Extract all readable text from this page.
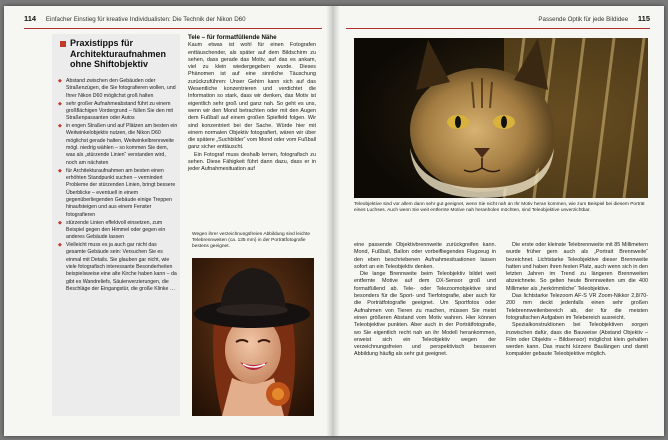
114 Einfacher Einstieg für kreative Individualisten: Die Technik der Nikon D60
Praxistipps für Architekturaufnahmen ohne Shiftobjektiv
◆ Abstand zwischen den Gebäuden oder Straßenzügen, die Sie fotografieren wollen, und Ihrer Nikon D60 möglichst groß halten
◆ sehr großer Aufnahmeabstand führt zu einem großflächigen Vordergrund – füllen Sie den mit Straßenpassanten oder Autos
◆ in engen Straßen und auf Plätzen am besten ein Weitwinkelobjektiv nutzen, die Nikon D60 möglichst gerade halten, Weitwinkelbrennweite mögl. niedrig wählen – so kommen Sie dem, was als „stürzende Linien“ verstanden wird, noch am nächsten
◆ für Architekturaufnahmen am besten einen erhöhten Standpunkt suchen – vermindert Probleme der stürzenden Linien, bringt bessere Überblicke – eventuell in einem gegenüberliegenden Gebäude einige Treppen hinaufsteigen und aus einem Fenster fotografieren
◆ stürzende Linien effektvoll einsetzen, zum Beispiel gegen den Himmel oder gegen ein anderes Gebäude lassen
◆ Vielleicht muss es ja auch gar nicht das gesamte Gebäude sein: Versuchen Sie es einmal mit Details. Sie glauben gar nicht, wie viele fotografisch interessante Besonderheiten beispielsweise eine alte Kirche haben kann – da gibt es Wandreliefs, Säulenverzierungen, die Beschläge der Eingangstür, die große Klinke …
Tele – für formatfüllende Nähe

Kaum etwas ist wohl für einen Fotografen enttäuschender, als später auf dem Bildschirm zu sehen, dass gerade das Motiv, auf das es ankam, viel zu klein wiedergegeben wurde. Dieses Phänomen ist auf eine sinnliche Täuschung zurückzuführen: Unser Gehirn kann sich auf das Wesentliche konzentrieren und verdichtet die Information so stark, dass wir denken, das Motiv ist eigentlich sehr groß und ganz nah. So geht es uns, wenn wir den Mond betrachten oder mit den Augen dem Fußball auf einem großen Spielfeld folgen. Wir sind konzentriert bei der Sache. Würde hier mit einem normalen Objektiv fotografiert, wären wir über die spätere „Suchbilder“ vom Mond oder vom Fußball ganz sicher enttäuscht.

Ein Fotograf muss deshalb lernen, fotografisch zu sehen. Diese Fähigkeit führt dann dazu, dass er in jeder Aufnahmesituation auf

Wegen ihrer verzeichnungsfreien Abbildung sind leichte Telebrennweiten (ca. 135 mm) in der Porträtfotografie bestens geeignet.
Passende Optik für jede Bildidee 115
Teleobjektive sind vor allem dann sehr gut geeignet, wenn Sie nicht nah an Ihr Motiv heran kommen, wie zum Beispiel bei diesem Porträt eines Luchses. Auch wenn Sie weit entfernte Motive nah heranholen möchten, sind Teleobjektive unverzichtbar.

eine passende Objektivbrennweite zurückgreifen kann. Mond, Fußball, Ballon oder vorbeifliegendes Flugzeug in den eben beschriebenen Aufnahmesituationen lassen sofort an ein Teleobjektiv denken.

Die lange Brennweite beim Teleobjektiv bildet weit entfernte Motive auf dem DX-Sensor groß und formatfüllend ab. Tele- oder Telezoomobjektive sind besonders für die Sport- und Tierfotografie, aber auch für die Porträtfotografie geeignet. Um Sportfotos oder Aufnahmen von Tieren zu machen, müssen Sie meist einen größeren Abstand vom Motiv wahren. Hier können Teleobjektive punkten. Aber auch in der Porträtfotografie, wo Sie eigentlich recht nah an ihr Modell herankommen, erweist sich ein Teleobjektiv wegen der verzeichnungsfreien und perspektivisch besseren Abbildung häufig als sehr gut geeignet.

Die erste oder kleinste Telebrennweite mit 85 Millimetern wurde früher gern auch als „Portrait Brennweite“ bezeichnet. Lichtstarke Teleobjektive dieser Brennweite hatten und haben ihren festen Platz, auch wenn sich in den letzten Jahren im Trend zu längeren Brennweiten abzeichnete. So gelten heute Brennweiten um die 400 Millimeter als „herkömmliche“ Teleobjektive.

Das lichtstarke Telezoom AF-S VR Zoom-Nikkor 2,8/70-200 mm deckt jedenfalls einen sehr großen Telebrennweitenbereich ab, der für die meisten fotografischen Aufgaben im Telebereich ausreicht.

Spezialkonstruktionen bei Teleobjektiven sorgen inzwischen dafür, dass die Bauweise (Abstand Objektiv – Film oder Objektiv – Bildsensor) möglichst klein gehalten werden kann. Das macht kürzere Baulängen und damit kompakter gebaute Teleobjektive möglich.
